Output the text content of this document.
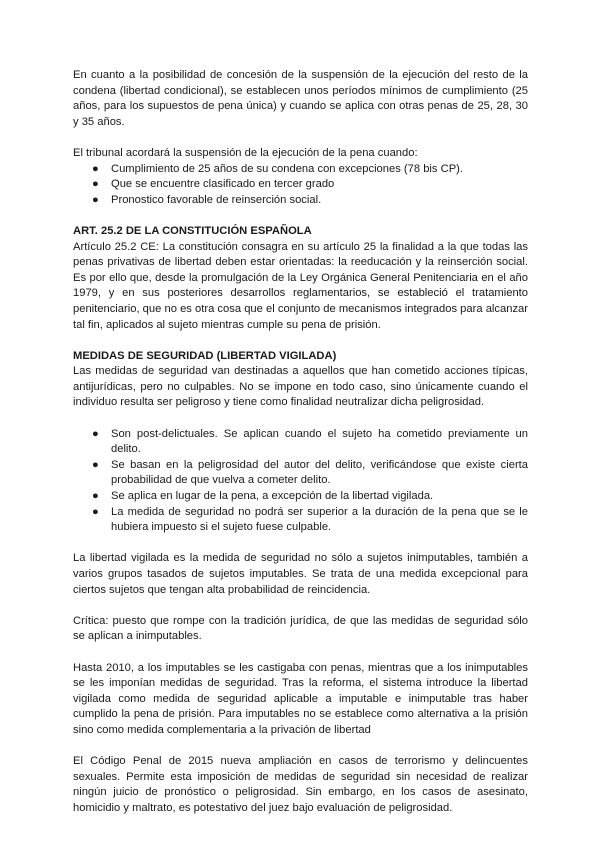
En cuanto a la posibilidad de concesión de la suspensión de la ejecución del resto de la condena (libertad condicional), se establecen unos períodos mínimos de cumplimiento (25 años, para los supuestos de pena única) y cuando se aplica con otras penas de 25, 28, 30 y 35 años.

El tribunal acordará la suspensión de la ejecución de la pena cuando:

● Cumplimiento de 25 años de su condena con excepciones (78 bis CP).
● Que se encuentre clasificado en tercer grado
● Pronostico favorable de reinserción social.
ART. 25.2 DE LA CONSTITUCIÓN ESPAÑOLA

Artículo 25.2 CE: La constitución consagra en su artículo 25 la finalidad a la que todas las penas privativas de libertad deben estar orientadas: la reeducación y la reinserción social. Es por ello que, desde la promulgación de la Ley Orgánica General Penitenciaria en el año 1979, y en sus posteriores desarrollos reglamentarios, se estableció el tratamiento penitenciario, que no es otra cosa que el conjunto de mecanismos integrados para alcanzar tal fin, aplicados al sujeto mientras cumple su pena de prisión.

MEDIDAS DE SEGURIDAD (LIBERTAD VIGILADA)

Las medidas de seguridad van destinadas a aquellos que han cometido acciones típicas, antijurídicas, pero no culpables. No se impone en todo caso, sino únicamente cuando el individuo resulta ser peligroso y tiene como finalidad neutralizar dicha peligrosidad.

● Son post-delictuales. Se aplican cuando el sujeto ha cometido previamente un delito.
● Se basan en la peligrosidad del autor del delito, verificándose que existe cierta probabilidad de que vuelva a cometer delito.
● Se aplica en lugar de la pena, a excepción de la libertad vigilada.
● La medida de seguridad no podrá ser superior a la duración de la pena que se le hubiera impuesto si el sujeto fuese culpable.

La libertad vigilada es la medida de seguridad no sólo a sujetos inimputables, también a varios grupos tasados de sujetos imputables. Se trata de una medida excepcional para ciertos sujetos que tengan alta probabilidad de reincidencia.

Crítica: puesto que rompe con la tradición jurídica, de que las medidas de seguridad sólo se aplican a inimputables.

Hasta 2010, a los imputables se les castigaba con penas, mientras que a los inimputables se les imponían medidas de seguridad. Tras la reforma, el sistema introduce la libertad vigilada como medida de seguridad aplicable a imputable e inimputable tras haber cumplido la pena de prisión. Para imputables no se establece como alternativa a la prisión sino como medida complementaria a la privación de libertad

El Código Penal de 2015 nueva ampliación en casos de terrorismo y delincuentes sexuales. Permite esta imposición de medidas de seguridad sin necesidad de realizar ningún juicio de pronóstico o peligrosidad. Sin embargo, en los casos de asesinato, homicidio y maltrato, es potestativo del juez bajo evaluación de peligrosidad.
